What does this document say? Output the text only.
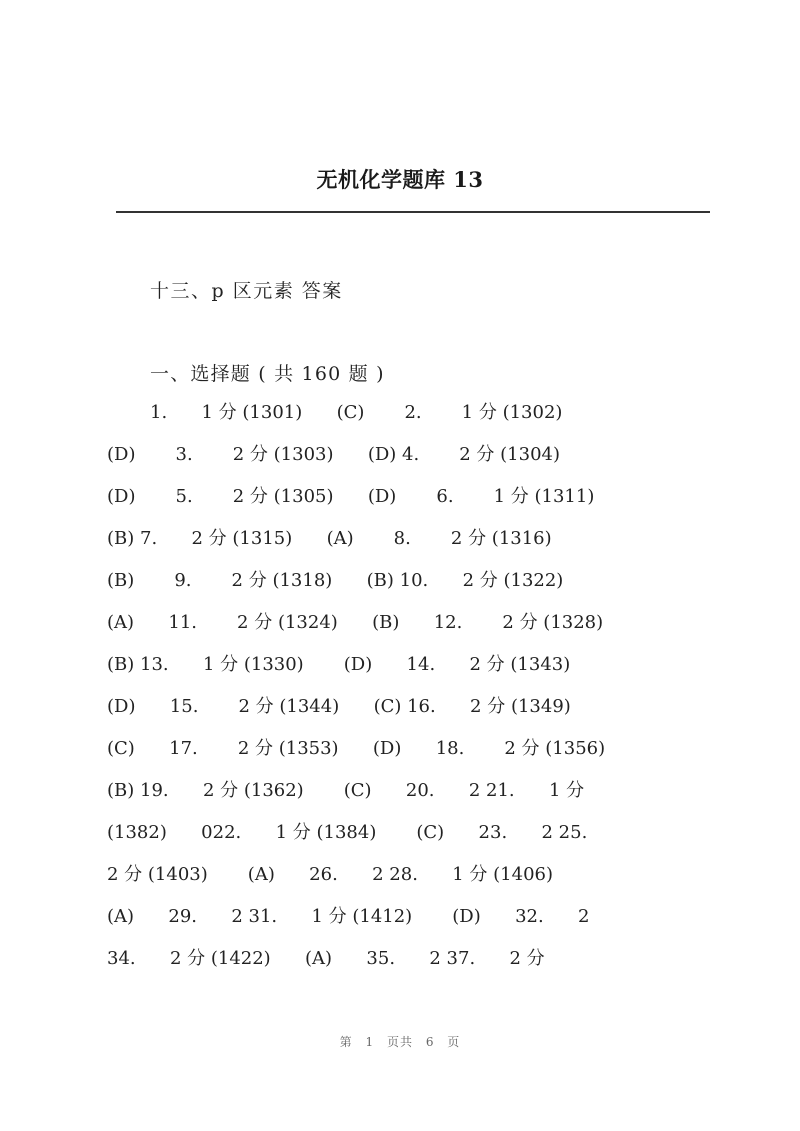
无机化学题库 13
十三、p 区元素 答案
一、选择题 ( 共 160 题 )
1.      1 分 (1301)      (C)       2.       1 分 (1302)
(D)       3.       2 分 (1303)      (D) 4.       2 分 (1304)
(D)       5.       2 分 (1305)      (D)       6.       1 分 (1311)
(B) 7.      2 分 (1315)      (A)       8.       2 分 (1316)
(B)       9.       2 分 (1318)      (B) 10.      2 分 (1322)
(A)      11.       2 分 (1324)      (B)      12.       2 分 (1328)
(B) 13.      1 分 (1330)       (D)      14.      2 分 (1343)
(D)      15.       2 分 (1344)      (C) 16.      2 分 (1349)
(C)      17.       2 分 (1353)      (D)      18.       2 分 (1356)
(B) 19.      2 分 (1362)       (C)      20.      2 21.      1 分
(1382)      022.      1 分 (1384)       (C)      23.      2 25.
2 分 (1403)       (A)      26.      2 28.      1 分 (1406)
(A)      29.      2 31.      1 分 (1412)       (D)      32.      2
34.      2 分 (1422)      (A)      35.      2 37.      2 分
第 1 页共 6 页
